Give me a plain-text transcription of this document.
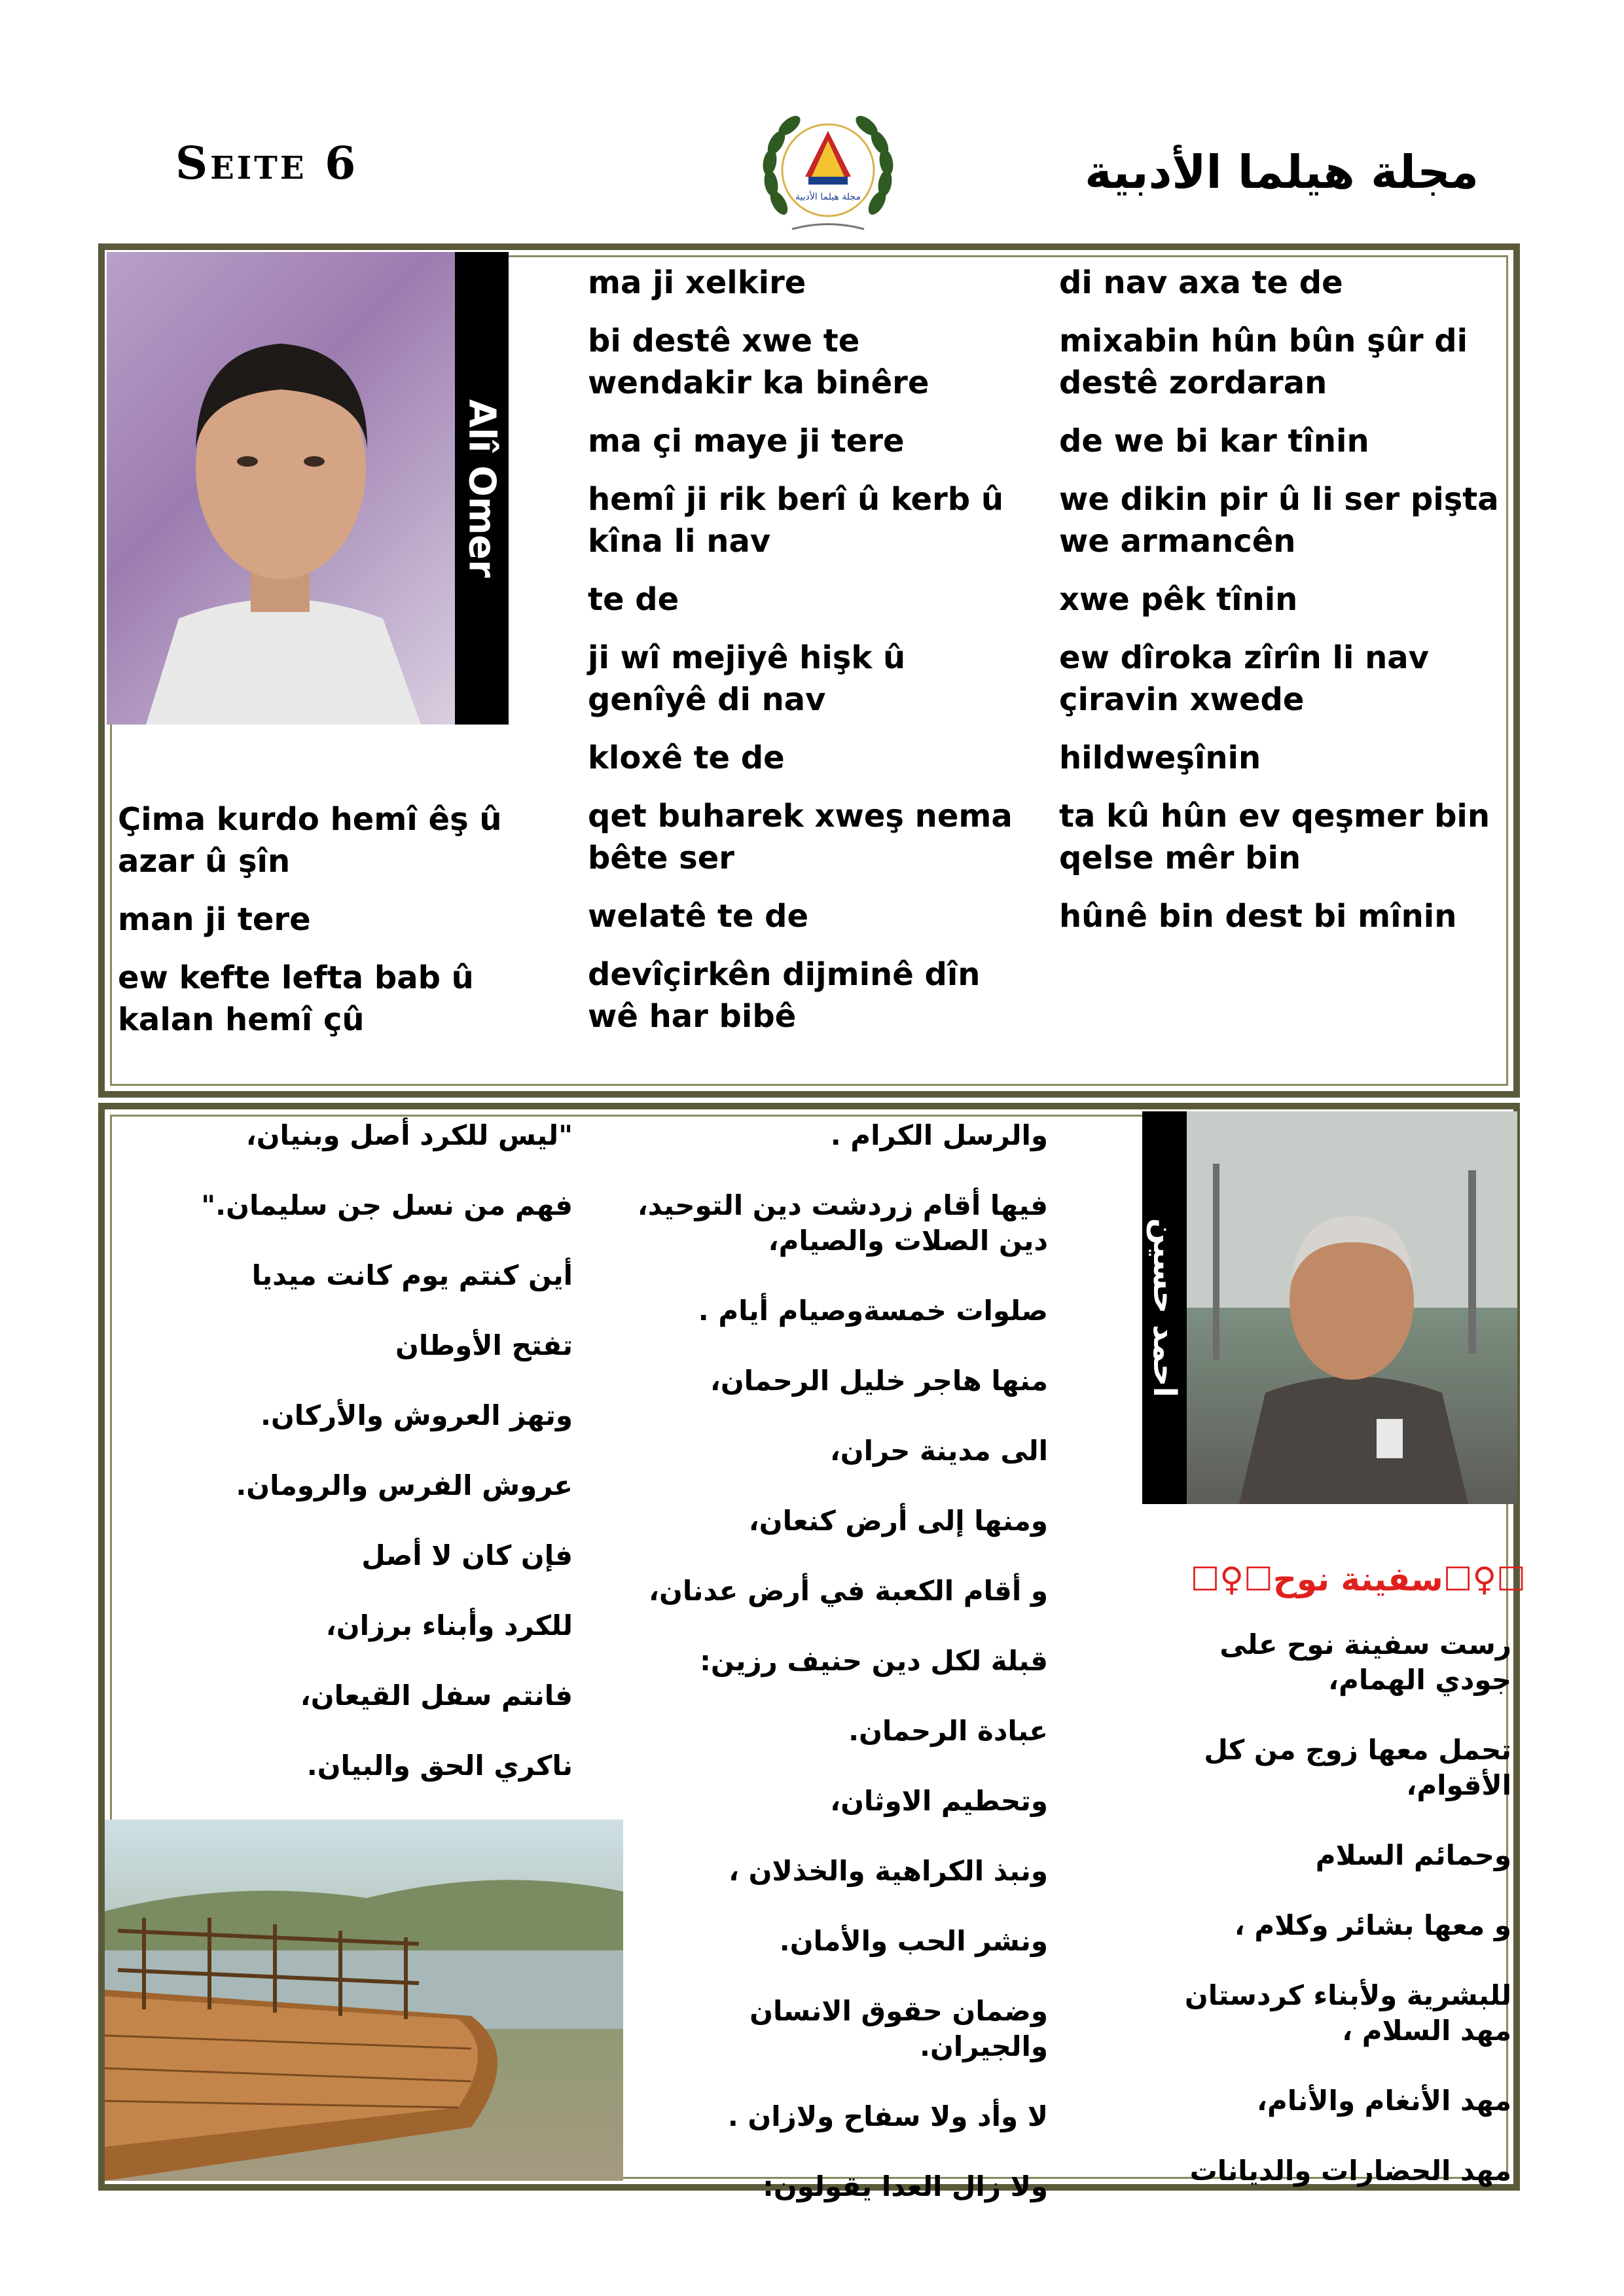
Seite 6
مجلة هيلما الأدبية	مجلة هيلما الأدبية
Alî Omer

Çima kurdo hemî êş û azar û şîn

man ji tere

ew kefte lefta bab û kalan hemî çû

ma ji xelkire

bi destê xwe te wendakir ka binêre

ma çi maye ji tere

hemî ji rik berî û kerb û kîna li nav

te de

ji wî mejiyê hişk û genîyê di nav

kloxê te de

qet buharek xweş nema bête ser

welatê te de

devîçirkên dijminê dîn wê har bibê

di nav axa te de

mixabin hûn bûn şûr di destê zordaran

de we bi kar tînin

we dikin pir û li ser pişta we armancên

xwe pêk tînin

ew dîroka zîrîn li nav çiravin xwede

hildweşînin

ta kû hûn ev qeşmer bin qelse mêr bin

hûnê bin dest bi mînin

احمد حسين
☐♀☐سفينة نوح☐♀☐

رست سفينة نوح على جودي الهمام،

تحمل معها زوج من كل الأقوام،

وحمائم السلام

و معها بشائر وكلام ،

للبشرية ولأبناء كردستان مهد السلام ،

مهد الأنغام والأنام،

مهد الحضارات والديانات

والرسل الكرام .

فيها أقام زردشت دين التوحيد، دين الصلات والصيام،

صلوات خمسةوصيام أيام .

منها هاجر خليل الرحمان،

الى مدينة حران،

ومنها إلى أرض كنعان،

و أقام الكعبة في أرض عدنان،

قبلة لكل دين حنيف رزين:

عبادة الرحمان.

وتحطيم الاوثان،

ونبذ الكراهية والخذلان ،

ونشر الحب والأمان.

وضمان حقوق الانسان والجيران.

لا وأد ولا سفاح ولازان .

ولا زال العدا يقولون:

"ليس للكرد أصل وبنيان،

فهم من نسل جن سليمان."

أين كنتم يوم كانت ميديا

تفتح الأوطان

وتهز العروش والأركان.

عروش الفرس والرومان.

فإن كان لا أصل

للكرد وأبناء برزان،

فانتم سفل القيعان،

ناكري الحق والبيان.
